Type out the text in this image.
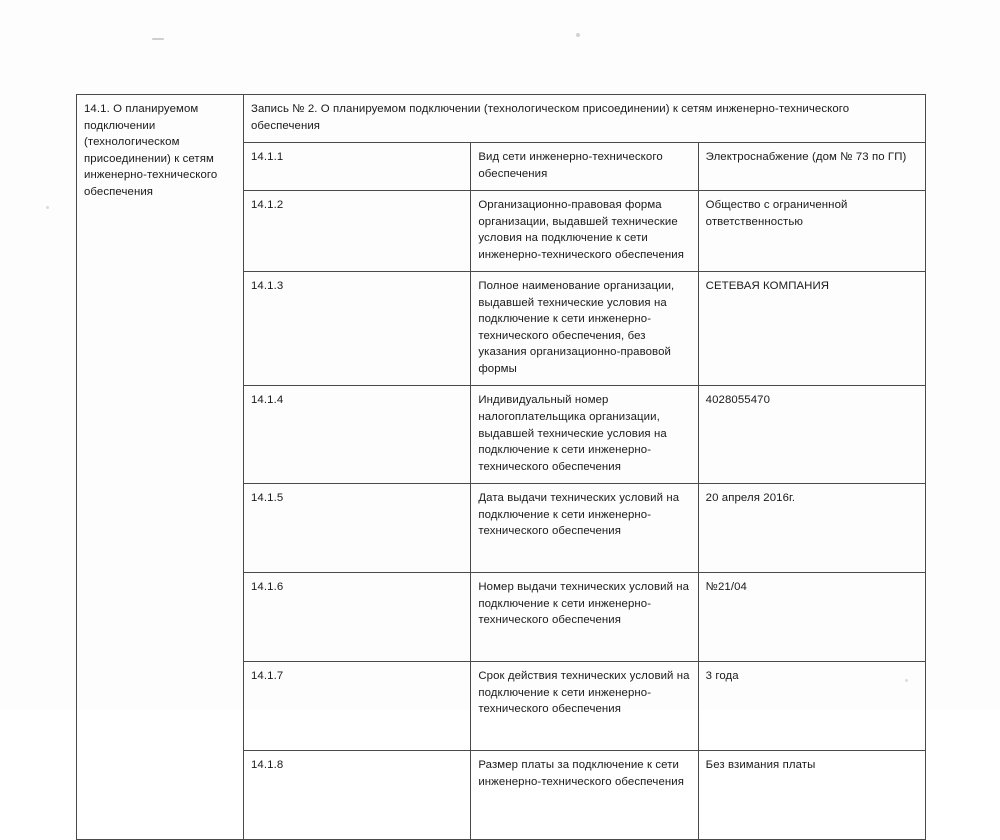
14.1. О планируемом подключении (технологическом присоединении) к сетям инженерно-технического обеспечения	Запись № 2. О планируемом подключении (технологическом присоединении) к сетям инженерно-технического обеспечения		
	14.1.1	Вид сети инженерно-технического обеспечения	Электроснабжение (дом № 73 по ГП)
	14.1.2	Организационно-правовая форма организации, выдавшей технические условия на подключение к сети инженерно-технического обеспечения	Общество с ограниченной ответственностью
	14.1.3	Полное наименование организации, выдавшей технические условия на подключение к сети инженерно-технического обеспечения, без указания организационно-правовой формы	СЕТЕВАЯ КОМПАНИЯ
	14.1.4	Индивидуальный номер налогоплательщика организации, выдавшей технические условия на подключение к сети инженерно-технического обеспечения	4028055470
	14.1.5	Дата выдачи технических условий на подключение к сети инженерно-технического обеспечения	20 апреля 2016г.
	14.1.6	Номер выдачи технических условий на подключение к сети инженерно-технического обеспечения	№21/04
	14.1.7	Срок действия технических условий на подключение к сети инженерно-технического обеспечения	3 года
	14.1.8	Размер платы за подключение к сети инженерно-технического обеспечения	Без взимания платы
